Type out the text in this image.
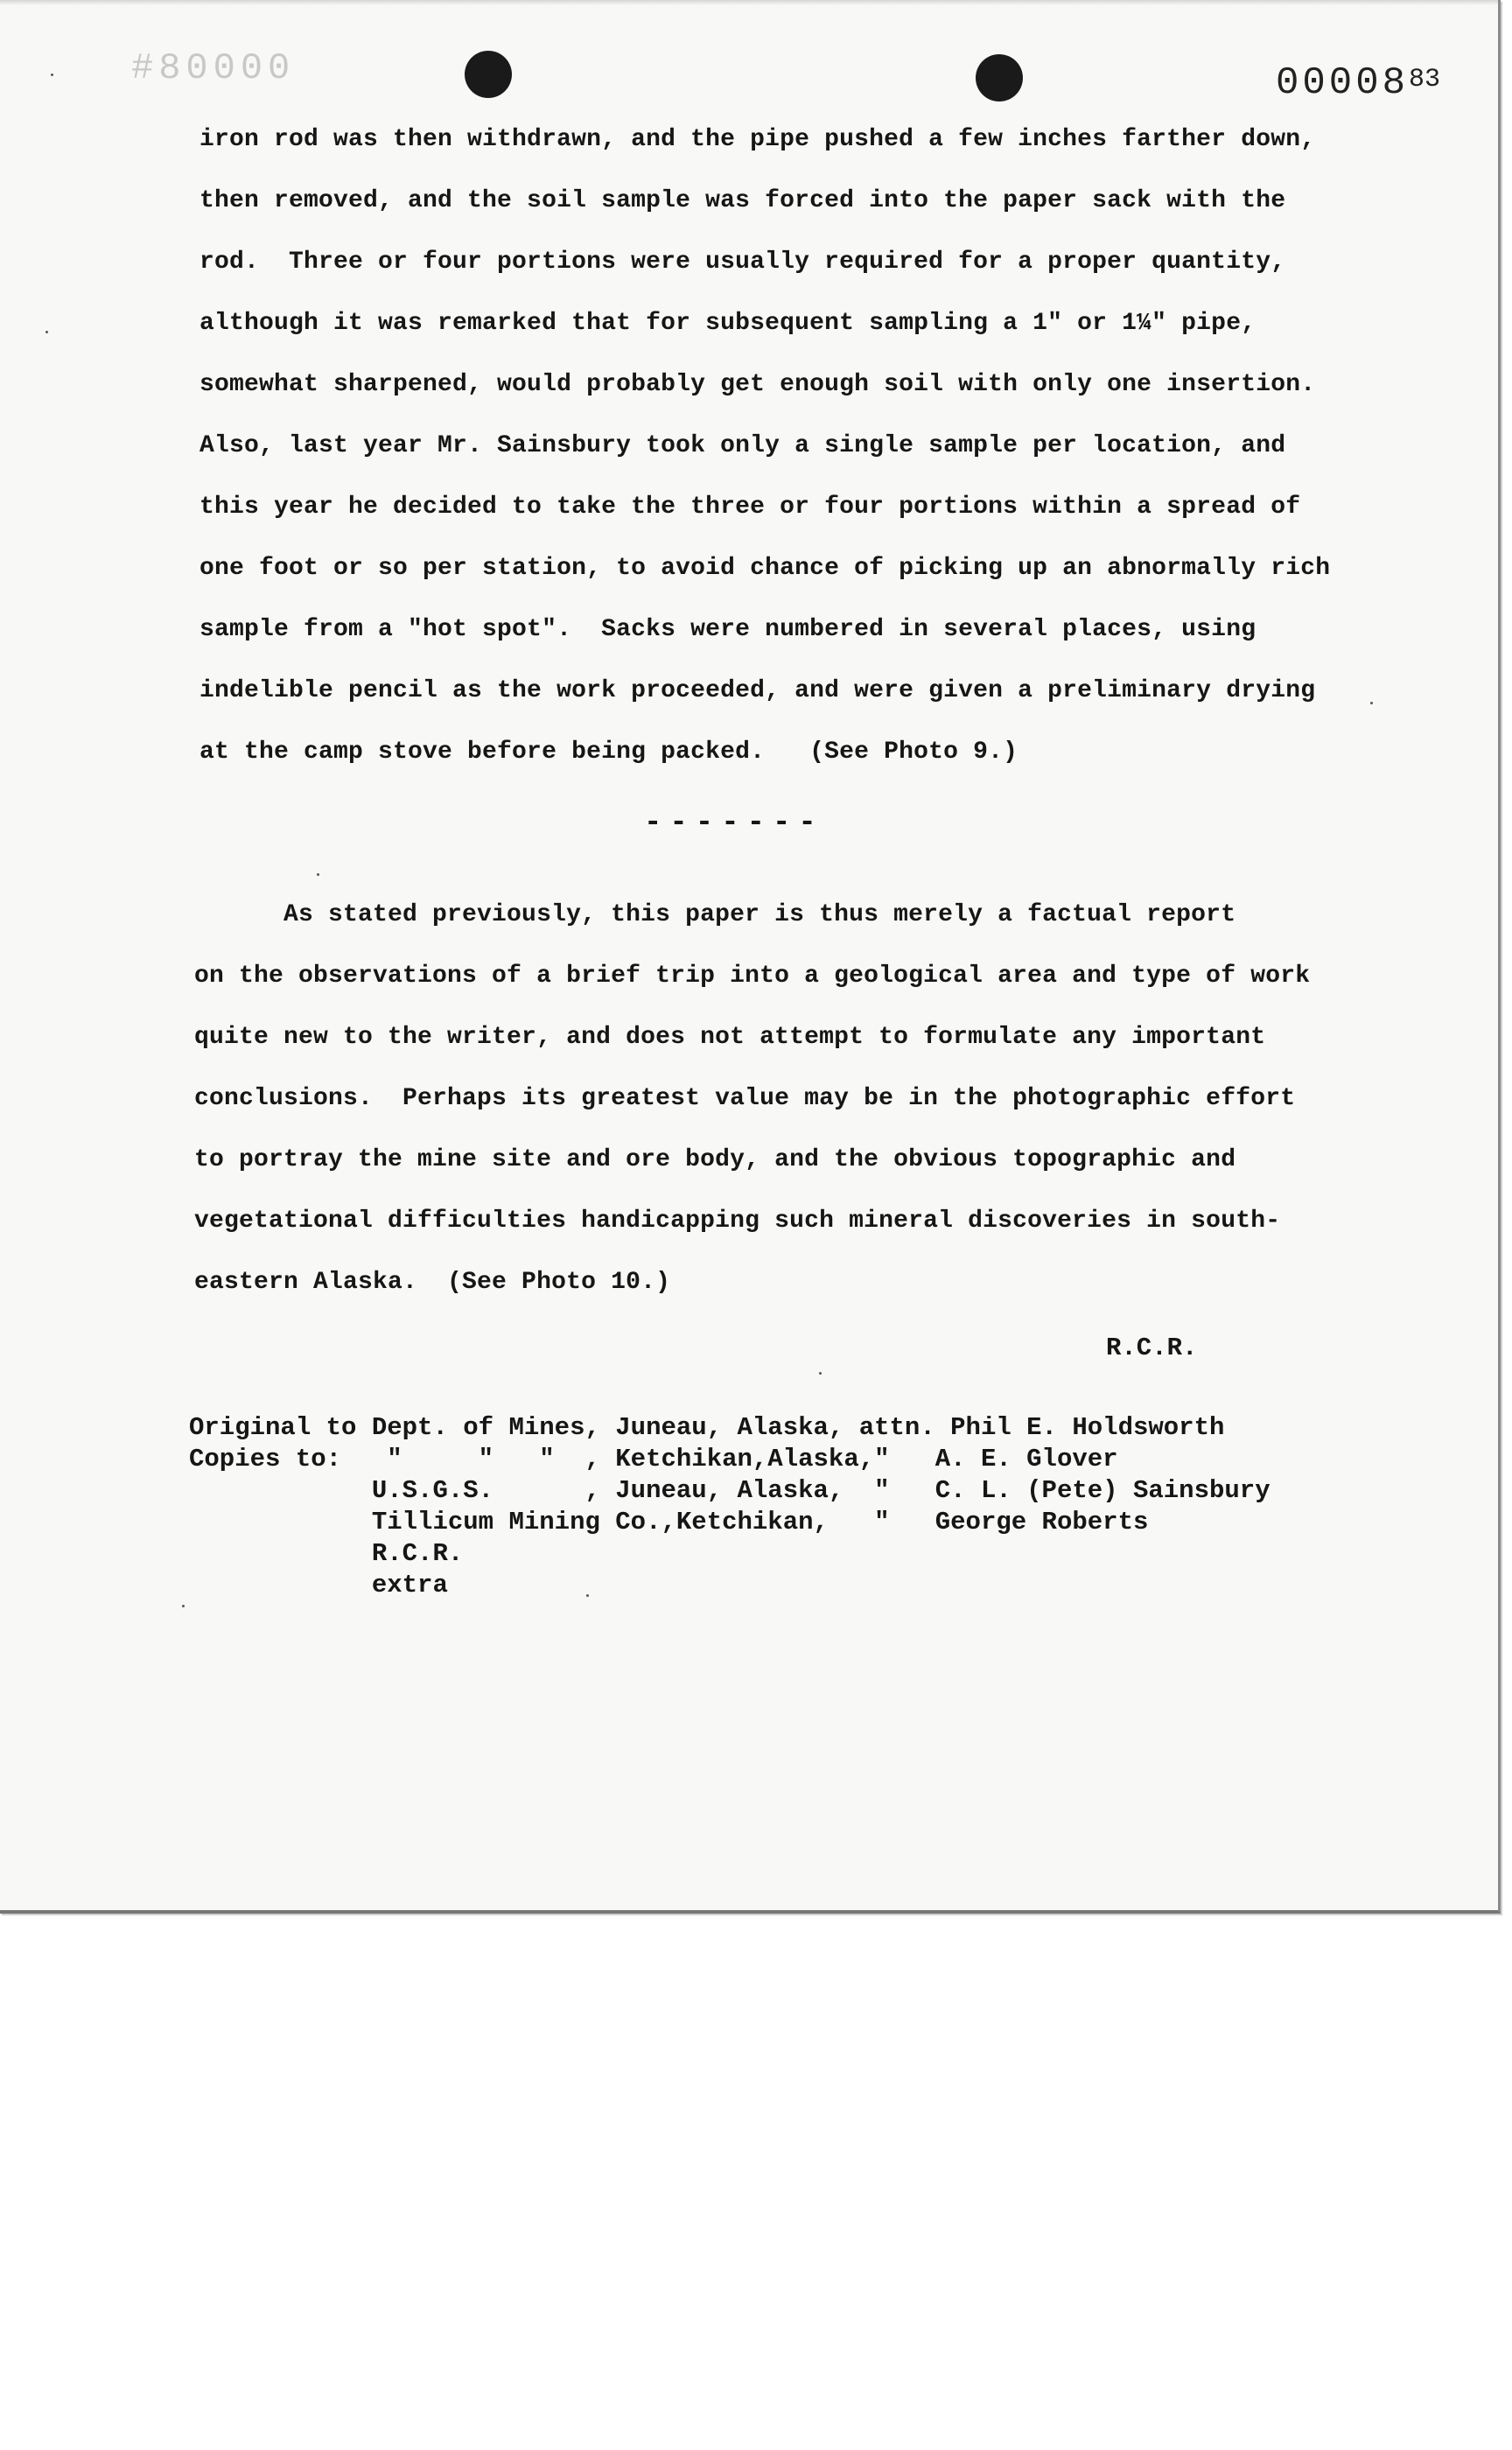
#80000	0000883
iron rod was then withdrawn, and the pipe pushed a few inches farther down,
then removed, and the soil sample was forced into the paper sack with the
rod.  Three or four portions were usually required for a proper quantity,
although it was remarked that for subsequent sampling a 1" or 1¼" pipe,
somewhat sharpened, would probably get enough soil with only one insertion.
Also, last year Mr. Sainsbury took only a single sample per location, and
this year he decided to take the three or four portions within a spread of
one foot or so per station, to avoid chance of picking up an abnormally rich
sample from a "hot spot".  Sacks were numbered in several places, using
indelible pencil as the work proceeded, and were given a preliminary drying
at the camp stove before being packed.   (See Photo 9.)
-------
As stated previously, this paper is thus merely a factual report
on the observations of a brief trip into a geological area and type of work
quite new to the writer, and does not attempt to formulate any important
conclusions.  Perhaps its greatest value may be in the photographic effort
to portray the mine site and ore body, and the obvious topographic and
vegetational difficulties handicapping such mineral discoveries in south-
eastern Alaska.  (See Photo 10.)
R.C.R.
Original to Dept. of Mines, Juneau, Alaska, attn. Phil E. Holdsworth
Copies to:   "     "   "  , Ketchikan,Alaska,"   A. E. Glover
U.S.G.S.      , Juneau, Alaska,  "   C. L. (Pete) Sainsbury
Tillicum Mining Co.,Ketchikan,   "   George Roberts
R.C.R.
extra
